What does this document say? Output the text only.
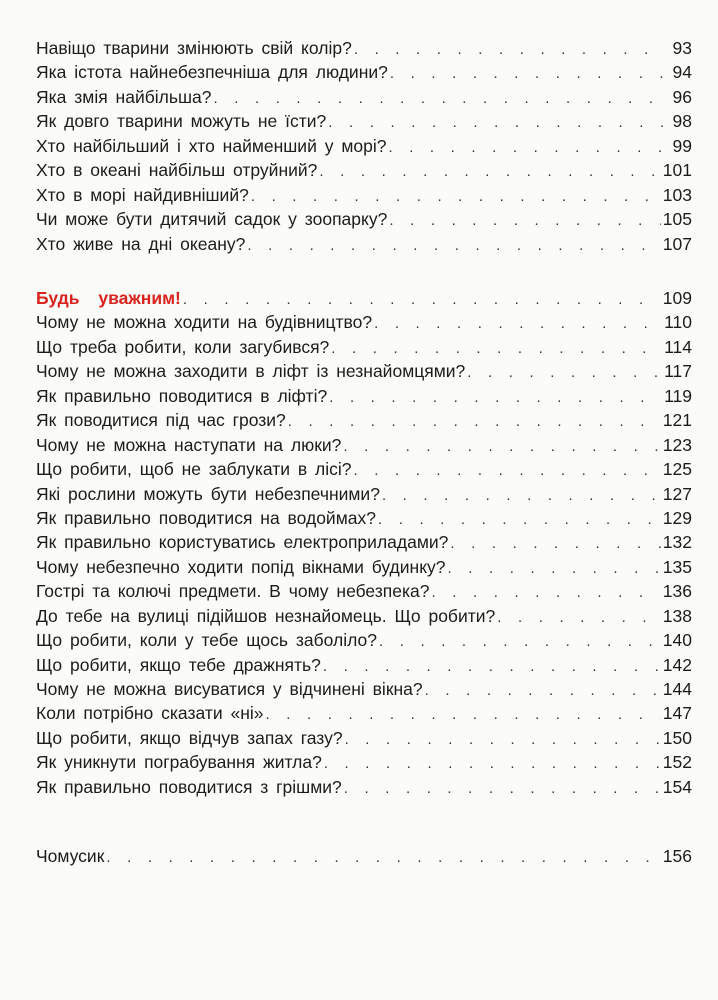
Навіщо тварини змінюють свій колір? . . .	93
Яка істота найнебезпечніша для людини? . . .	94
Яка змія найбільша? . . .	96
Як довго тварини можуть не їсти? . . .	98
Хто найбільший і хто найменший у морі? . . .	99
Хто в океані найбільш отруйний? . . .	101
Хто в морі найдивніший? . . .	103
Чи може бути дитячий садок у зоопарку? . . .	105
Хто живе на дні океану? . . .	107
Будь уважним! . . .	109
Чому не можна ходити на будівництво? . . .	110
Що треба робити, коли загубився? . . .	114
Чому не можна заходити в ліфт із незнайомцями? . . .	117
Як правильно поводитися в ліфті? . . .	119
Як поводитися під час грози? . . .	121
Чому не можна наступати на люки? . . .	123
Що робити, щоб не заблукати в лісі? . . .	125
Які рослини можуть бути небезпечними? . . .	127
Як правильно поводитися на водоймах? . . .	129
Як правильно користуватись електроприладами? . . .	132
Чому небезпечно ходити попід вікнами будинку? . . .	135
Гострі та колючі предмети. В чому небезпека? . . .	136
До тебе на вулиці підійшов незнайомець. Що робити? . . .	138
Що робити, коли у тебе щось заболіло? . . .	140
Що робити, якщо тебе дражнять? . . .	142
Чому не можна висуватися у відчинені вікна? . . .	144
Коли потрібно сказати «ні» . . .	147
Що робити, якщо відчув запах газу? . . .	150
Як уникнути пограбування житла? . . .	152
Як правильно поводитися з грішми? . . .	154
Чомусик . . .	156
